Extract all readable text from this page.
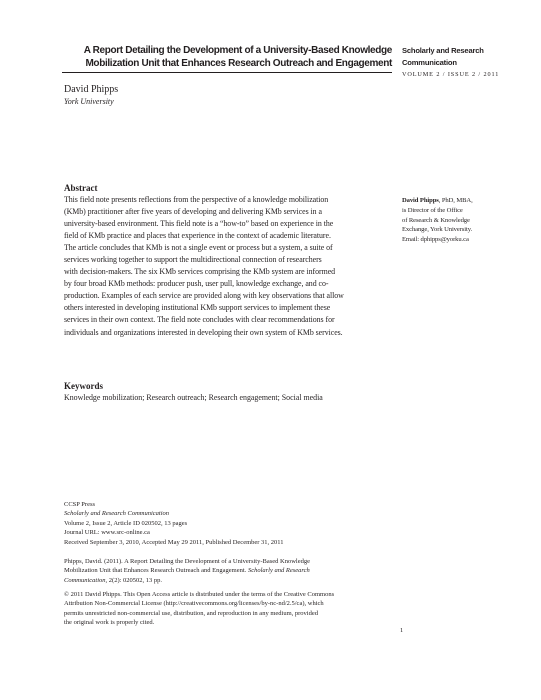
A Report Detailing the Development of a University-Based Knowledge
Mobilization Unit that Enhances Research Outreach and Engagement
Scholarly and Research
Communication
VOLUME 2 / ISSUE 2 / 2011
David Phipps
York University
Abstract
This field note presents reflections from the perspective of a knowledge mobilization
(KMb) practitioner after five years of developing and delivering KMb services in a
university-based environment. This field note is a “how-to” based on experience in the
field of KMb practice and places that experience in the context of academic literature.
The article concludes that KMb is not a single event or process but a system, a suite of
services working together to support the multidirectional connection of researchers
with decision-makers. The six KMb services comprising the KMb system are informed
by four broad KMb methods: producer push, user pull, knowledge exchange, and co-
production. Examples of each service are provided along with key observations that allow
others interested in developing institutional KMb support services to implement these
services in their own context. The field note concludes with clear recommendations for
individuals and organizations interested in developing their own system of KMb services.
David Phipps, PhD, MBA,
is Director of the Office
of Research & Knowledge
Exchange, York University.
Email: dphipps@yorku.ca
Keywords
Knowledge mobilization; Research outreach; Research engagement; Social media
CCSP Press
Scholarly and Research Communication
Volume 2, Issue 2, Article ID 020502, 13 pages
Journal URL: www.src-online.ca
Received September 3, 2010, Accepted May 29 2011, Published December 31, 2011
Phipps, David. (2011). A Report Detailing the Development of a University-Based Knowledge
Mobilization Unit that Enhances Research Outreach and Engagement. Scholarly and Research
Communication, 2(2): 020502, 13 pp.
© 2011 David Phipps. This Open Access article is distributed under the terms of the Creative Commons
Attribution Non-Commercial License (http://creativecommons.org/licenses/by-nc-nd/2.5/ca), which
permits unrestricted non-commercial use, distribution, and reproduction in any medium, provided
the original work is properly cited.
1
